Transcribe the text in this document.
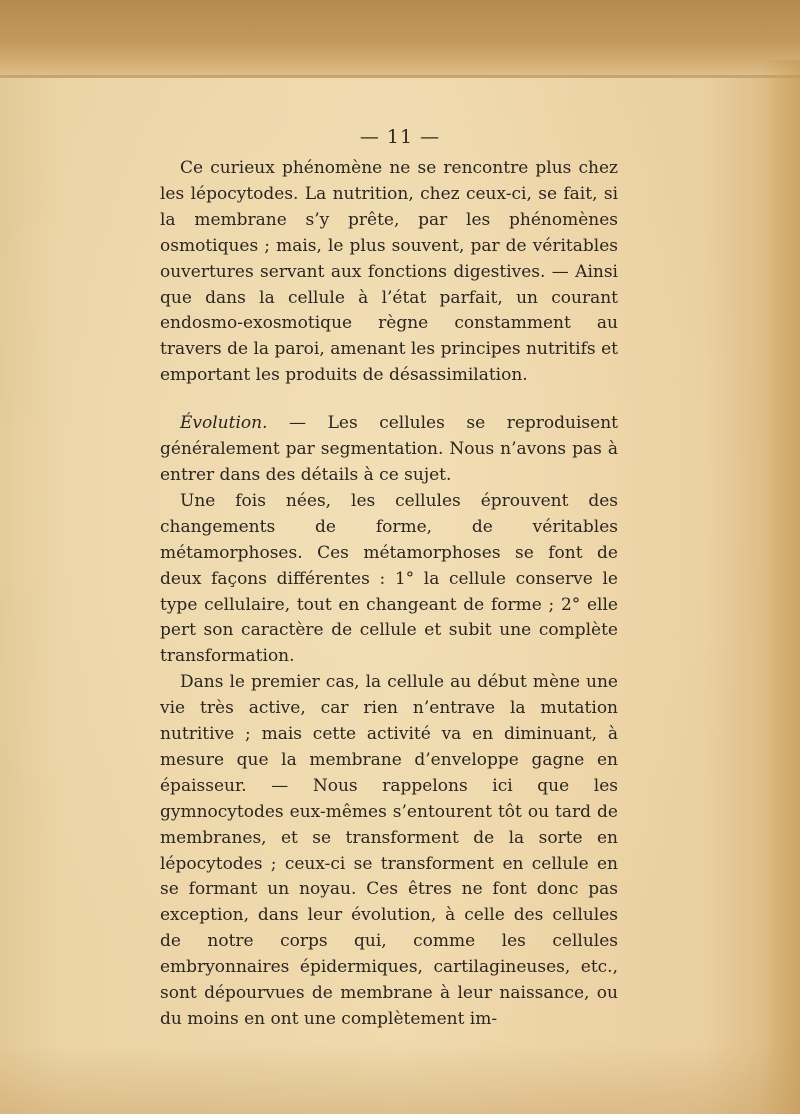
— 11 —

Ce curieux phénomène ne se rencontre plus chez les lépocytodes. La nutrition, chez ceux-ci, se fait, si la membrane s’y prête, par les phénomènes osmotiques ; mais, le plus souvent, par de véritables ouvertures servant aux fonctions digestives. — Ainsi que dans la cellule à l’état parfait, un courant endosmo-exosmotique règne constamment au travers de la paroi, amenant les principes nutritifs et emportant les produits de désassimilation.

Évolution. — Les cellules se reproduisent généralement par segmentation. Nous n’avons pas à entrer dans des détails à ce sujet.

Une fois nées, les cellules éprouvent des changements de forme, de véritables métamorphoses. Ces métamorphoses se font de deux façons différentes : 1° la cellule conserve le type cellulaire, tout en changeant de forme ; 2° elle pert son caractère de cellule et subit une complète transformation.

Dans le premier cas, la cellule au début mène une vie très active, car rien n’entrave la mutation nutritive ; mais cette activité va en diminuant, à mesure que la membrane d’enveloppe gagne en épaisseur. — Nous rappelons ici que les gymnocytodes eux-mêmes s’entourent tôt ou tard de membranes, et se transforment de la sorte en lépocytodes ; ceux-ci se transforment en cellule en se formant un noyau. Ces êtres ne font donc pas exception, dans leur évolution, à celle des cellules de notre corps qui, comme les cellules embryonnaires épidermiques, cartilagineuses, etc., sont dépourvues de membrane à leur naissance, ou du moins en ont une complètement im-
